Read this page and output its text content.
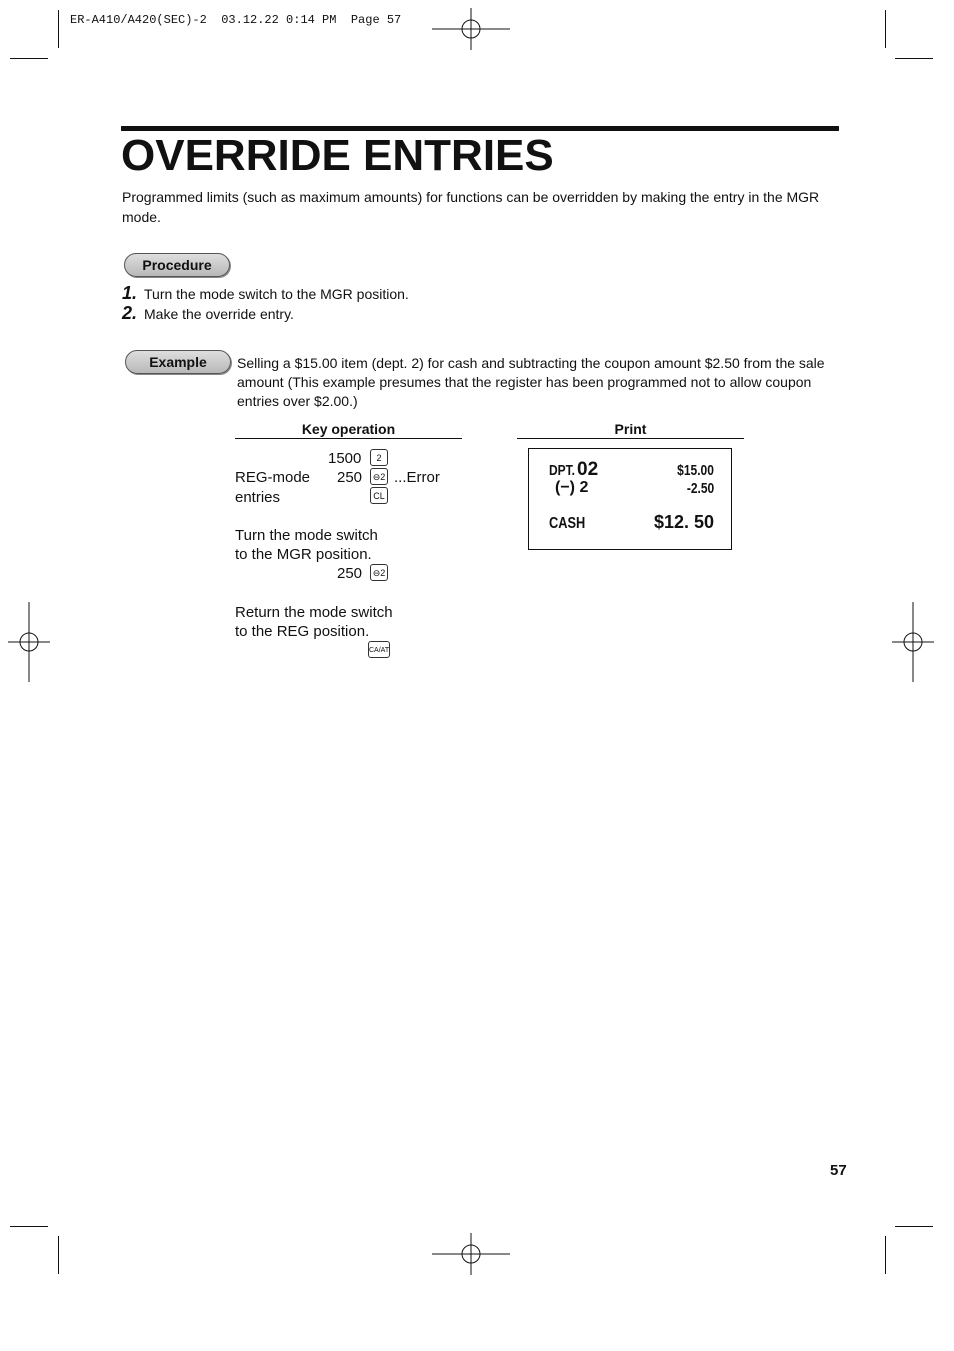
ER-A410/A420(SEC)-2  03.12.22 0:14 PM  Page 57
OVERRIDE ENTRIES
Programmed limits (such as maximum amounts) for functions can be overridden by making the entry in the MGR mode.
Procedure
1. Turn the mode switch to the MGR position.
2. Make the override entry.
Example	Selling a $15.00 item (dept. 2) for cash and subtracting the coupon amount $2.50 from the sale amount (This example presumes that the register has been programmed not to allow coupon entries over $2.00.)
Key operation	Print
1500	2
REG-mode 250	⊖2 ...Error
entries	CL
Turn the mode switch
to the MGR position.
250	⊖2
Return the mode switch
to the REG position.
CA/AT
DPT. 02	$15.00
(−) 2	-2.50
CASH	$12. 50
57
